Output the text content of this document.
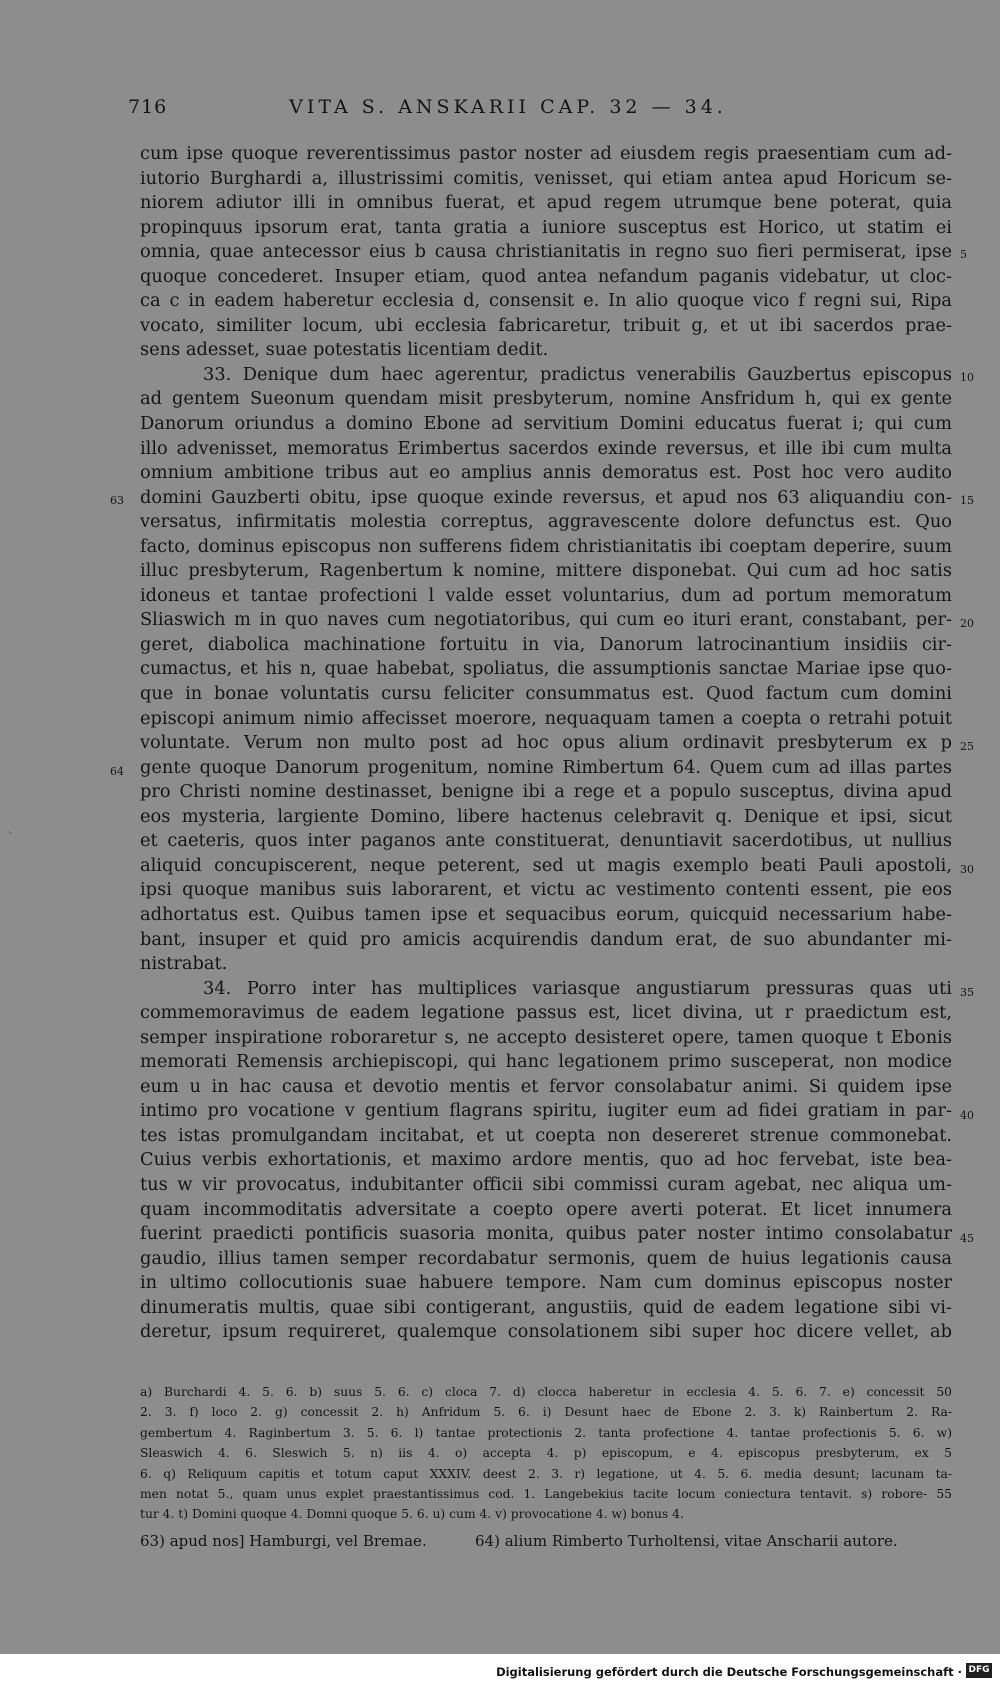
716	VITA S. ANSKARII CAP. 32 — 34.
cum ipse quoque reverentissimus pastor noster ad eiusdem regis praesentiam cum ad-
iutorio Burghardi a, illustrissimi comitis, venisset, qui etiam antea apud Horicum se-
niorem adiutor illi in omnibus fuerat, et apud regem utrumque bene poterat, quia
propinquus ipsorum erat, tanta gratia a iuniore susceptus est Horico, ut statim ei
omnia, quae antecessor eius b causa christianitatis in regno suo fieri permiserat, ipse
quoque concederet. Insuper etiam, quod antea nefandum paganis videbatur, ut cloc-
ca c in eadem haberetur ecclesia d, consensit e. In alio quoque vico f regni sui, Ripa
vocato, similiter locum, ubi ecclesia fabricaretur, tribuit g, et ut ibi sacerdos prae-
sens adesset, suae potestatis licentiam dedit.
33. Denique dum haec agerentur, pradictus venerabilis Gauzbertus episcopus
ad gentem Sueonum quendam misit presbyterum, nomine Ansfridum h, qui ex gente
Danorum oriundus a domino Ebone ad servitium Domini educatus fuerat i; qui cum
illo advenisset, memoratus Erimbertus sacerdos exinde reversus, et ille ibi cum multa
omnium ambitione tribus aut eo amplius annis demoratus est. Post hoc vero audito
domini Gauzberti obitu, ipse quoque exinde reversus, et apud nos 63 aliquandiu con-
versatus, infirmitatis molestia correptus, aggravescente dolore defunctus est. Quo
facto, dominus episcopus non sufferens fidem christianitatis ibi coeptam deperire, suum
illuc presbyterum, Ragenbertum k nomine, mittere disponebat. Qui cum ad hoc satis
idoneus et tantae profectioni l valde esset voluntarius, dum ad portum memoratum
Sliaswich m in quo naves cum negotiatoribus, qui cum eo ituri erant, constabant, per-
geret, diabolica machinatione fortuitu in via, Danorum latrocinantium insidiis cir-
cumactus, et his n, quae habebat, spoliatus, die assumptionis sanctae Mariae ipse quo-
que in bonae voluntatis cursu feliciter consummatus est. Quod factum cum domini
episcopi animum nimio affecisset moerore, nequaquam tamen a coepta o retrahi potuit
voluntate. Verum non multo post ad hoc opus alium ordinavit presbyterum ex p
gente quoque Danorum progenitum, nomine Rimbertum 64. Quem cum ad illas partes
pro Christi nomine destinasset, benigne ibi a rege et a populo susceptus, divina apud
eos mysteria, largiente Domino, libere hactenus celebravit q. Denique et ipsi, sicut
et caeteris, quos inter paganos ante constituerat, denuntiavit sacerdotibus, ut nullius
aliquid concupiscerent, neque peterent, sed ut magis exemplo beati Pauli apostoli,
ipsi quoque manibus suis laborarent, et victu ac vestimento contenti essent, pie eos
adhortatus est. Quibus tamen ipse et sequacibus eorum, quicquid necessarium habe-
bant, insuper et quid pro amicis acquirendis dandum erat, de suo abundanter mi-
nistrabat.
34. Porro inter has multiplices variasque angustiarum pressuras quas uti
commemoravimus de eadem legatione passus est, licet divina, ut r praedictum est,
semper inspiratione roboraretur s, ne accepto desisteret opere, tamen quoque t Ebonis
memorati Remensis archiepiscopi, qui hanc legationem primo susceperat, non modice
eum u in hac causa et devotio mentis et fervor consolabatur animi. Si quidem ipse
intimo pro vocatione v gentium flagrans spiritu, iugiter eum ad fidei gratiam in par-
tes istas promulgandam incitabat, et ut coepta non desereret strenue commonebat.
Cuius verbis exhortationis, et maximo ardore mentis, quo ad hoc fervebat, iste bea-
tus w vir provocatus, indubitanter officii sibi commissi curam agebat, nec aliqua um-
quam incommoditatis adversitate a coepto opere averti poterat. Et licet innumera
fuerint praedicti pontificis suasoria monita, quibus pater noster intimo consolabatur
gaudio, illius tamen semper recordabatur sermonis, quem de huius legationis causa
in ultimo collocutionis suae habuere tempore. Nam cum dominus episcopus noster
dinumeratis multis, quae sibi contigerant, angustiis, quid de eadem legatione sibi vi-
deretur, ipsum requireret, qualemque consolationem sibi super hoc dicere vellet, ab
5
10
15
20
25
30
35
40
45
63
64
`
a) Burchardi 4. 5. 6. b) suus 5. 6. c) cloca 7. d) clocca haberetur in ecclesia 4. 5. 6. 7. e) concessit 50
2. 3. f) loco 2. g) concessit 2. h) Anfridum 5. 6. i) Desunt haec de Ebone 2. 3. k) Rainbertum 2. Ra-
gembertum 4. Raginbertum 3. 5. 6. l) tantae protectionis 2. tanta profectione 4. tantae profectionis 5. 6. w)
Sleaswich 4. 6. Sleswich 5. n) iis 4. o) accepta 4. p) episcopum, e 4. episcopus presbyterum, ex 5
6. q) Reliquum capitis et totum caput XXXIV. deest 2. 3. r) legatione, ut 4. 5. 6. media desunt; lacunam ta-
men notat 5., quam unus explet praestantissimus cod. 1. Langebekius tacite locum coniectura tentavit. s) robore- 55
tur 4. t) Domini quoque 4. Domni quoque 5. 6. u) cum 4. v) provocatione 4. w) bonus 4.
63) apud nos] Hamburgi, vel Bremae.	64) alium Rimberto Turholtensi, vitae Anscharii autore.
Digitalisierung gefördert durch die Deutsche Forschungsgemeinschaft · DFG
